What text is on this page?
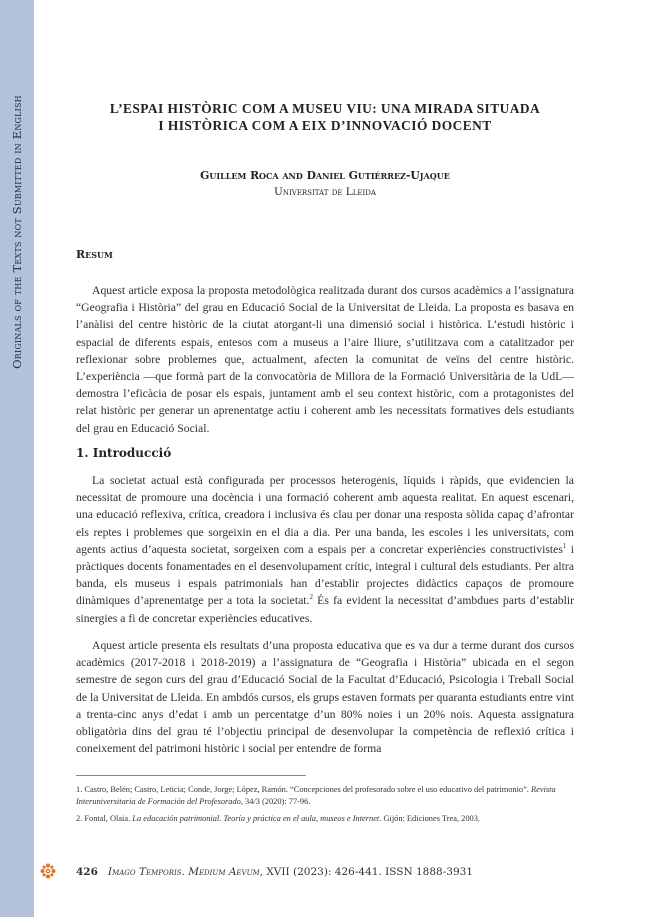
Originals of the Texts not Submitted in English	L’ESPAI HISTÒRIC COM A MUSEU VIU: UNA MIRADA SITUADA
I HISTÒRICA COM A EIX D’INNOVACIÓ DOCENT
Guillem Roca and Daniel Gutiérrez-Ujaque
Universitat de Lleida
Resum

Aquest article exposa la proposta metodològica realitzada durant dos cursos acadèmics a l’assignatura “Geografia i Història” del grau en Educació Social de la Universitat de Lleida. La proposta es basava en l’anàlisi del centre històric de la ciutat atorgant-li una dimensió social i històrica. L’estudi històric i espacial de diferents espais, entesos com a museus a l’aire lliure, s’utilitzava com a catalitzador per reflexionar sobre problemes que, actualment, afecten la comunitat de veïns del centre històric. L’experiència —que formà part de la convocatòria de Millora de la Formació Universitària de la UdL— demostra l’eficàcia de posar els espais, juntament amb el seu context històric, com a protagonistes del relat històric per generar un aprenentatge actiu i coherent amb les necessitats formatives dels estudiants del grau en Educació Social.

1. Introducció

La societat actual està configurada per processos heterogenis, líquids i ràpids, que evidencien la necessitat de promoure una docència i una formació coherent amb aquesta realitat. En aquest escenari, una educació reflexiva, crítica, creadora i inclusiva és clau per donar una resposta sòlida capaç d’afrontar els reptes i problemes que sorgeixin en el dia a dia. Per una banda, les escoles i les universitats, com agents actius d’aquesta societat, sorgeixen com a espais per a concretar experiències constructivistes$^1$ i pràctiques docents fonamentades en el desenvolupament crític, integral i cultural dels estudiants. Per altra banda, els museus i espais patrimonials han d’establir projectes didàctics capaços de promoure dinàmiques d’aprenentatge per a tota la societat.$^2$ És fa evident la necessitat d’ambdues parts d’establir sinergies a fi de concretar experiències educatives.

Aquest article presenta els resultats d’una proposta educativa que es va dur a terme durant dos cursos acadèmics (2017-2018 i 2018-2019) a l’assignatura de “Geografia i Història” ubicada en el segon semestre de segon curs del grau d’Educació Social de la Facultat d’Educació, Psicologia i Treball Social de la Universitat de Lleida. En ambdós cursos, els grups estaven formats per quaranta estudiants entre vint a trenta-cinc anys d’edat i amb un percentatge d’un 80% noies i un 20% nois. Aquesta assignatura obligatòria dins del grau té l’objectiu principal de desenvolupar la competència de reflexió crítica i coneixement del patrimoni històric i social per entendre de forma

1. Castro, Belén; Castro, Leticia; Conde, Jorge; López, Ramón. “Concepciones del profesorado sobre el uso educativo del patrimonio”. Revista Interuniversitaria de Formación del Profesorado, 34/3 (2020): 77-96.

2. Fontal, Olaia. La educación patrimonial. Teoría y práctica en el aula, museos e Internet. Gijón: Ediciones Trea, 2003.

426 Imago Temporis. Medium Aevum, XVII (2023): 426-441. ISSN 1888-3931
